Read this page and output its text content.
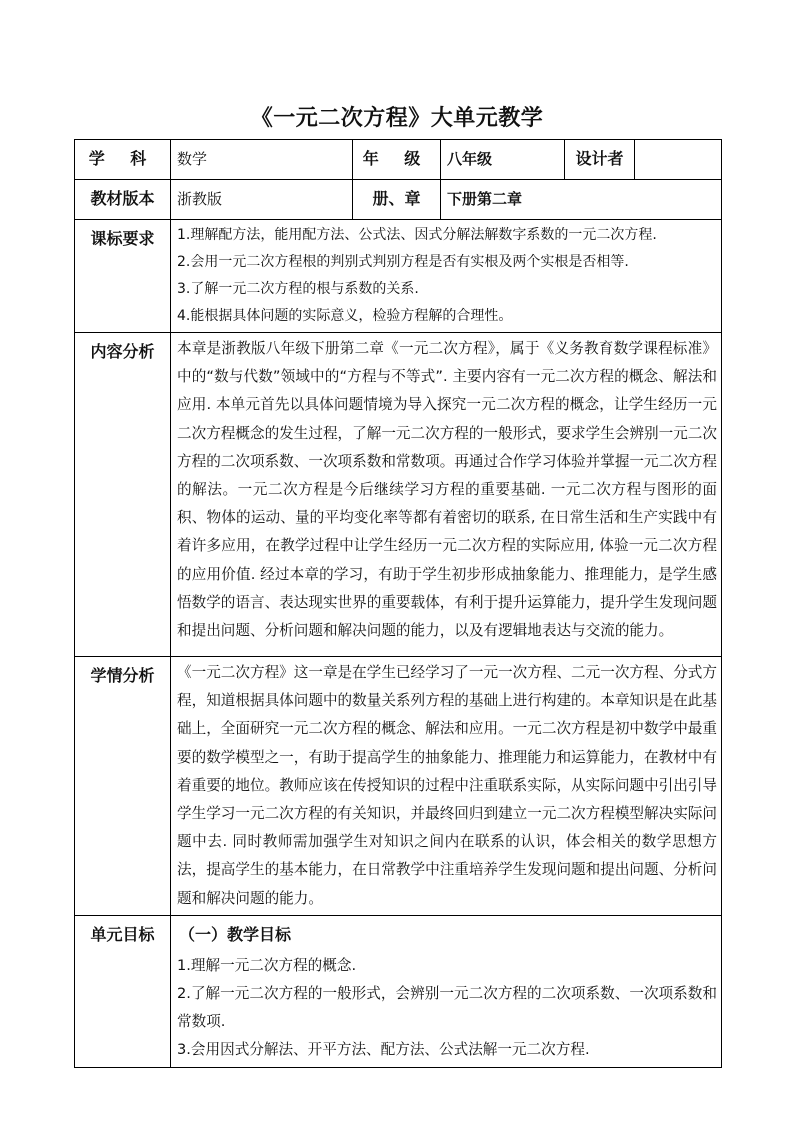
《一元二次方程》大单元教学
学 科	数学	年 级	八年级	设计者	
教材版本	浙教版	册、章	下册第二章		
课标要求	1.理解配方法，能用配方法、公式法、因式分解法解数字系数的一元二次方程.
2.会用一元二次方程根的判别式判别方程是否有实根及两个实根是否相等.
3.了解一元二次方程的根与系数的关系.
4.能根据具体问题的实际意义，检验方程解的合理性。				

内容分析	本章是浙教版八年级下册第二章《一元二次方程》，属于《义务教育数学课程标准》中的“数与代数”领域中的“方程与不等式”. 主要内容有一元二次方程的概念、解法和应用. 本单元首先以具体问题情境为导入探究一元二次方程的概念，让学生经历一元二次方程概念的发生过程，了解一元二次方程的一般形式，要求学生会辨别一元二次方程的二次项系数、一次项系数和常数项。再通过合作学习体验并掌握一元二次方程的解法。一元二次方程是今后继续学习方程的重要基础. 一元二次方程与图形的面积、物体的运动、量的平均变化率等都有着密切的联系, 在日常生活和生产实践中有着许多应用，在教学过程中让学生经历一元二次方程的实际应用, 体验一元二次方程的应用价值. 经过本章的学习，有助于学生初步形成抽象能力、推理能力，是学生感悟数学的语言、表达现实世界的重要载体，有利于提升运算能力，提升学生发现问题和提出问题、分析问题和解决问题的能力，以及有逻辑地表达与交流的能力。				

学情分析	《一元二次方程》这一章是在学生已经学习了一元一次方程、二元一次方程、分式方程，知道根据具体问题中的数量关系列方程的基础上进行构建的。本章知识是在此基础上，全面研究一元二次方程的概念、解法和应用。一元二次方程是初中数学中最重要的数学模型之一，有助于提高学生的抽象能力、推理能力和运算能力，在教材中有着重要的地位。教师应该在传授知识的过程中注重联系实际，从实际问题中引出引导学生学习一元二次方程的有关知识，并最终回归到建立一元二次方程模型解决实际问题中去. 同时教师需加强学生对知识之间内在联系的认识，体会相关的数学思想方法，提高学生的基本能力，在日常教学中注重培养学生发现问题和提出问题、分析问题和解决问题的能力。				

单元目标	（一）教学目标

1.理解一元二次方程的概念.

2.了解一元二次方程的一般形式，会辨别一元二次方程的二次项系数、一次项系数和常数项.

3.会用因式分解法、开平方法、配方法、公式法解一元二次方程.				
